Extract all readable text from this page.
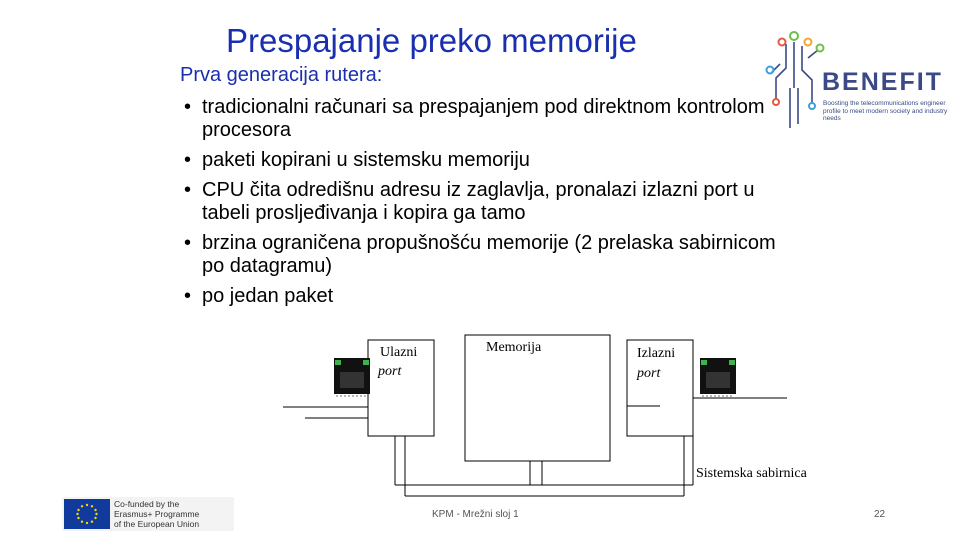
Prespajanje preko memorije
Prva generacija rutera:
• tradicionalni računari sa prespajanjem pod direktnom kontrolom procesora
• paketi kopirani u sistemsku memoriju
• CPU čita odredišnu adresu iz zaglavlja, pronalazi izlazni port u tabeli prosljeđivanja i kopira ga tamo
• brzina ograničena propušnošću memorije (2 prelaska sabirnicom po datagramu)
• po jedan paket
BENEFIT
Boosting the telecommunications engineer profile to meet modern society and industry needs
Ulazni
port
Memorija	Izlazni
port
Sistemska sabirnica
Co-funded by the
Erasmus+ Programme
of the European Union
KPM - Mrežni sloj 1	22
